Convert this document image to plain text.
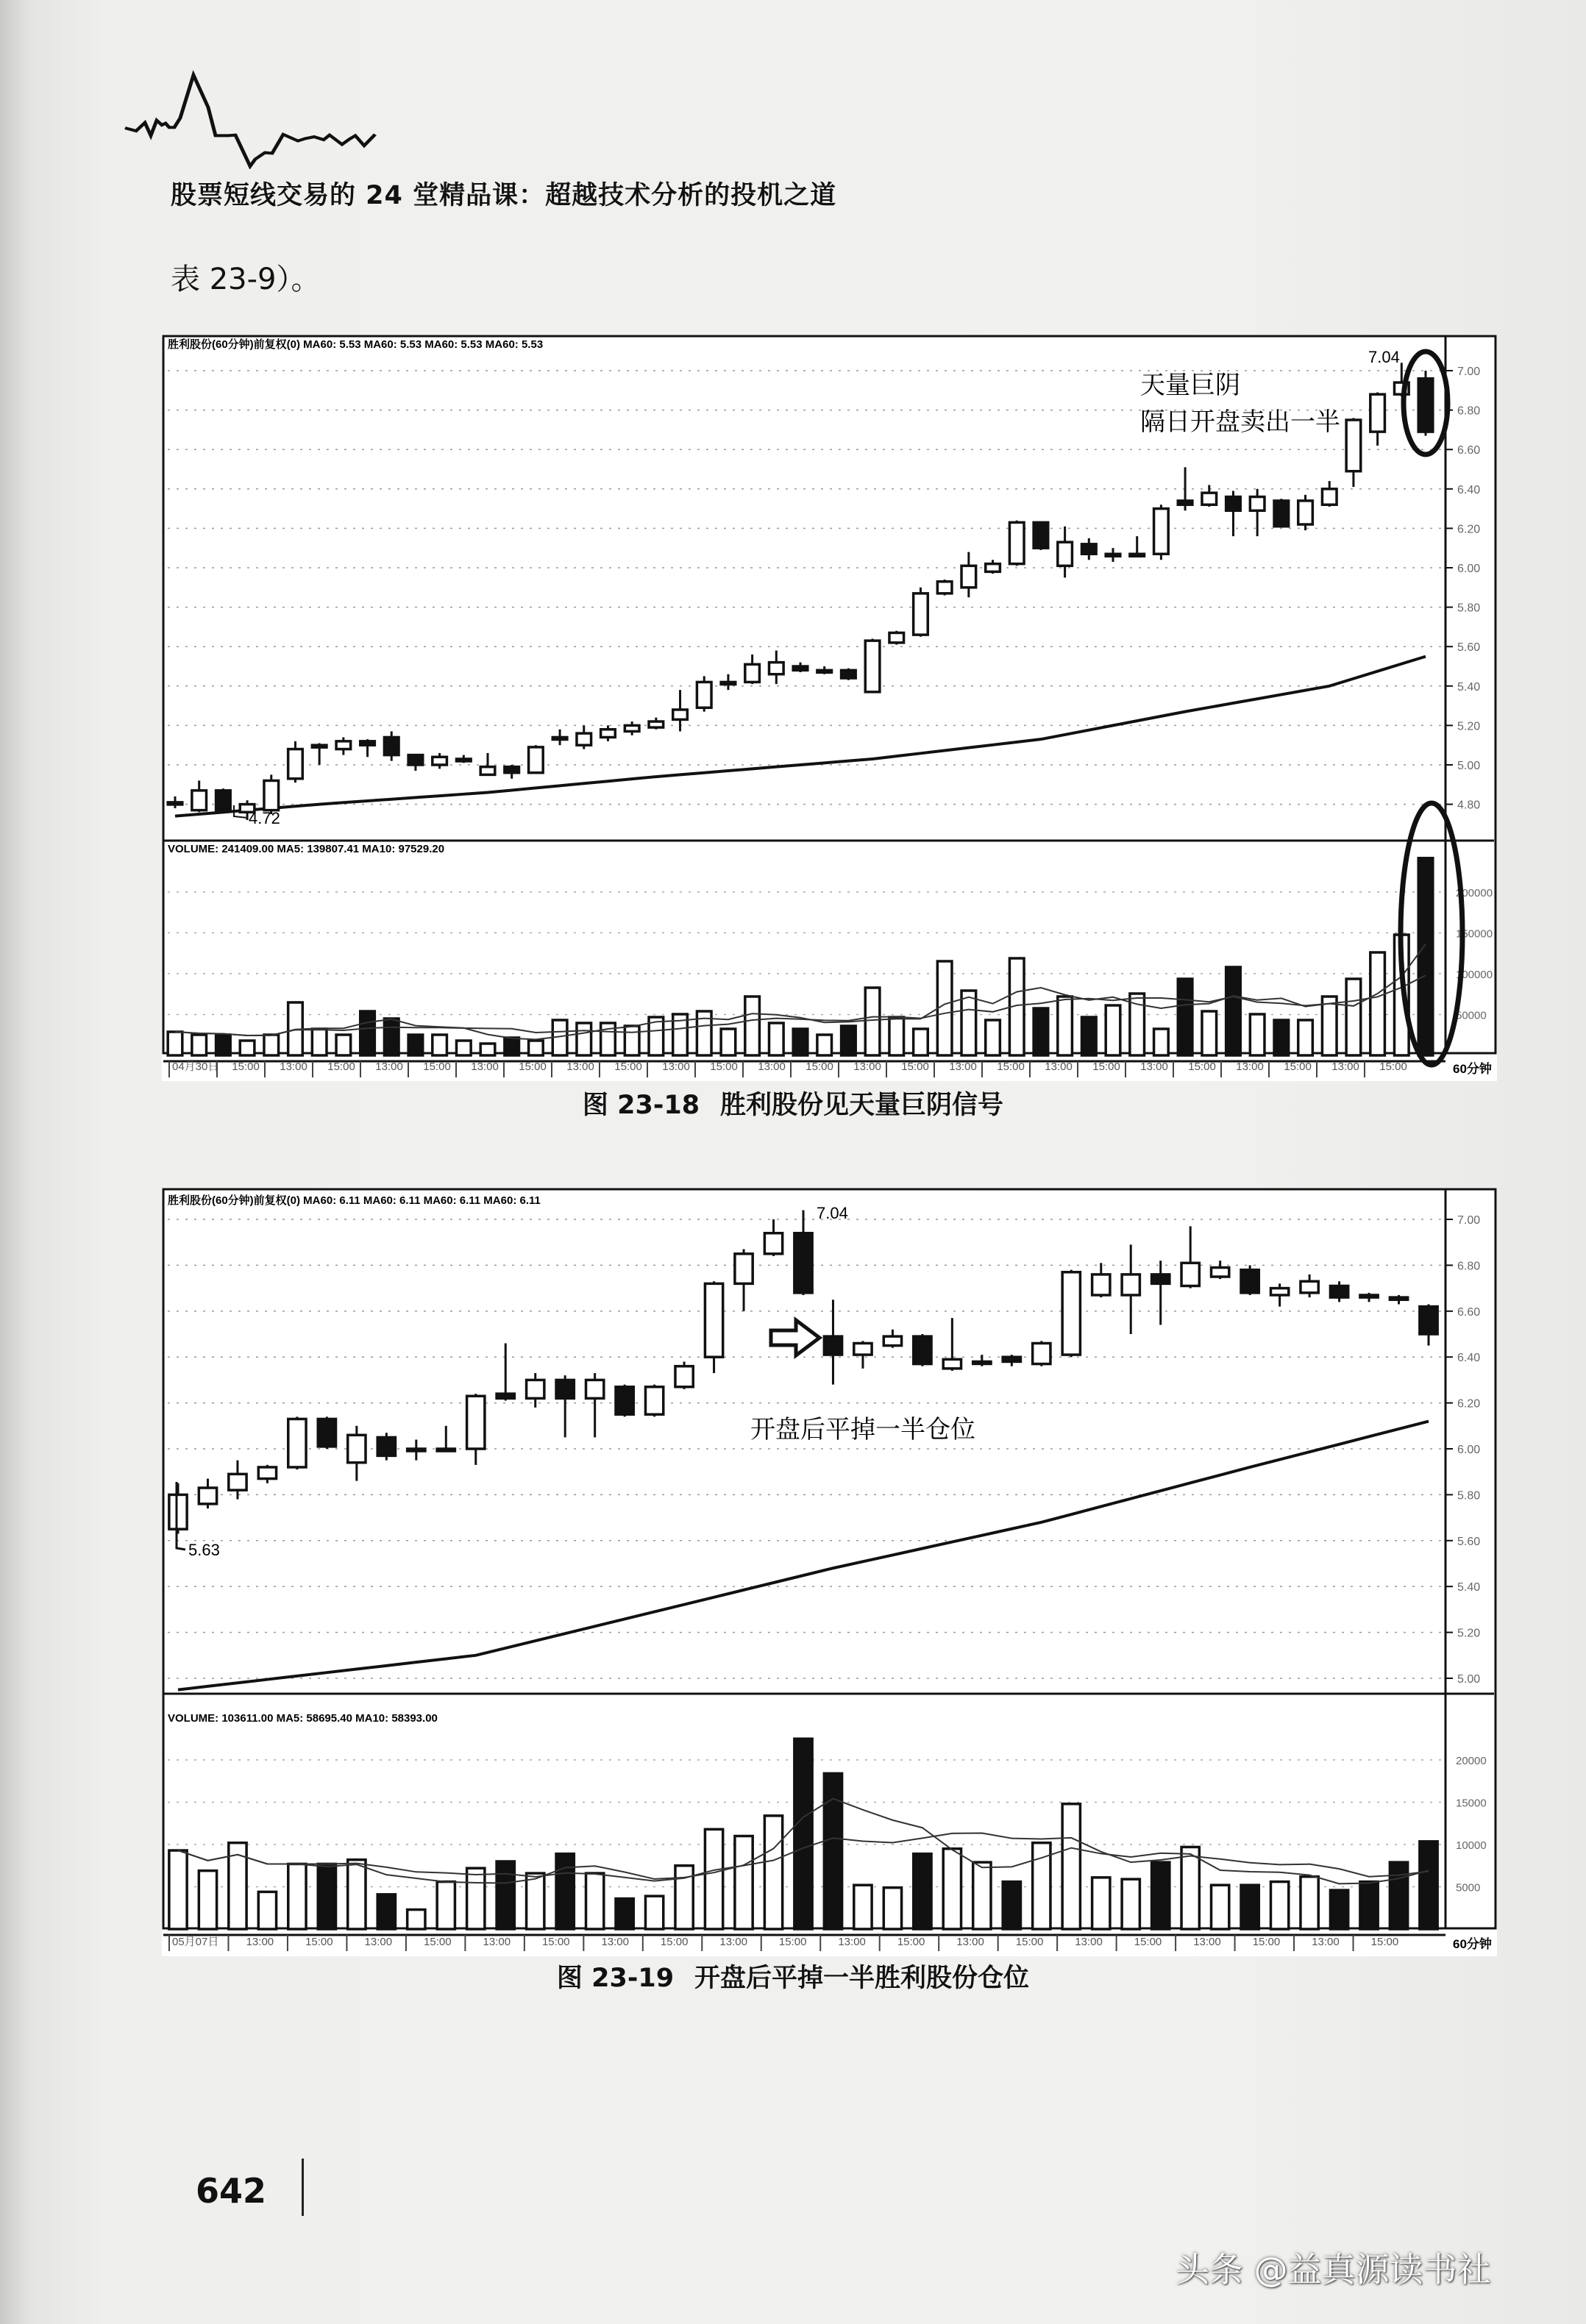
股票短线交易的 24 堂精品课：超越技术分析的投机之道
表 23-9）。
胜利股份(60分钟)前复权(0) MA60: 5.53 MA60: 5.53 MA60: 5.53 MA60: 5.53
VOLUME: 241409.00 MA5: 139807.41 MA10: 97529.20
7.00
6.80
6.60
6.40
6.20
6.00
5.80
5.60
5.40
5.20
5.00
4.80
200000
150000
100000
50000
04月30日 15:00 13:00 15:00 13:00 15:00 13:00 15:00 13:00 15:00 13:00 15:00 13:00 15:00 13:00 15:00 13:00 15:00 13:00 15:00 13:00 15:00 13:00 15:00 13:00 15:00	60分钟
天量巨阴
隔日开盘卖出一半
7.04
4.72
图 23-18 胜利股份见天量巨阴信号
胜利股份(60分钟)前复权(0) MA60: 6.11 MA60: 6.11 MA60: 6.11 MA60: 6.11
VOLUME: 103611.00 MA5: 58695.40 MA10: 58393.00
7.00
6.80
6.60
6.40
6.20
6.00
5.80
5.60
5.40
5.20
5.00
20000
15000
10000
5000
05月07日 13:00	15:00	13:00	15:00	13:00	15:00	13:00	15:00	13:00	15:00	13:00	15:00	13:00	15:00	13:00	15:00	13:00	15:00	13:00	15:00	60分钟
7.04
5.63
开盘后平掉一半仓位
图 23-19 开盘后平掉一半胜利股份仓位
642
头条 @益真源读书社
